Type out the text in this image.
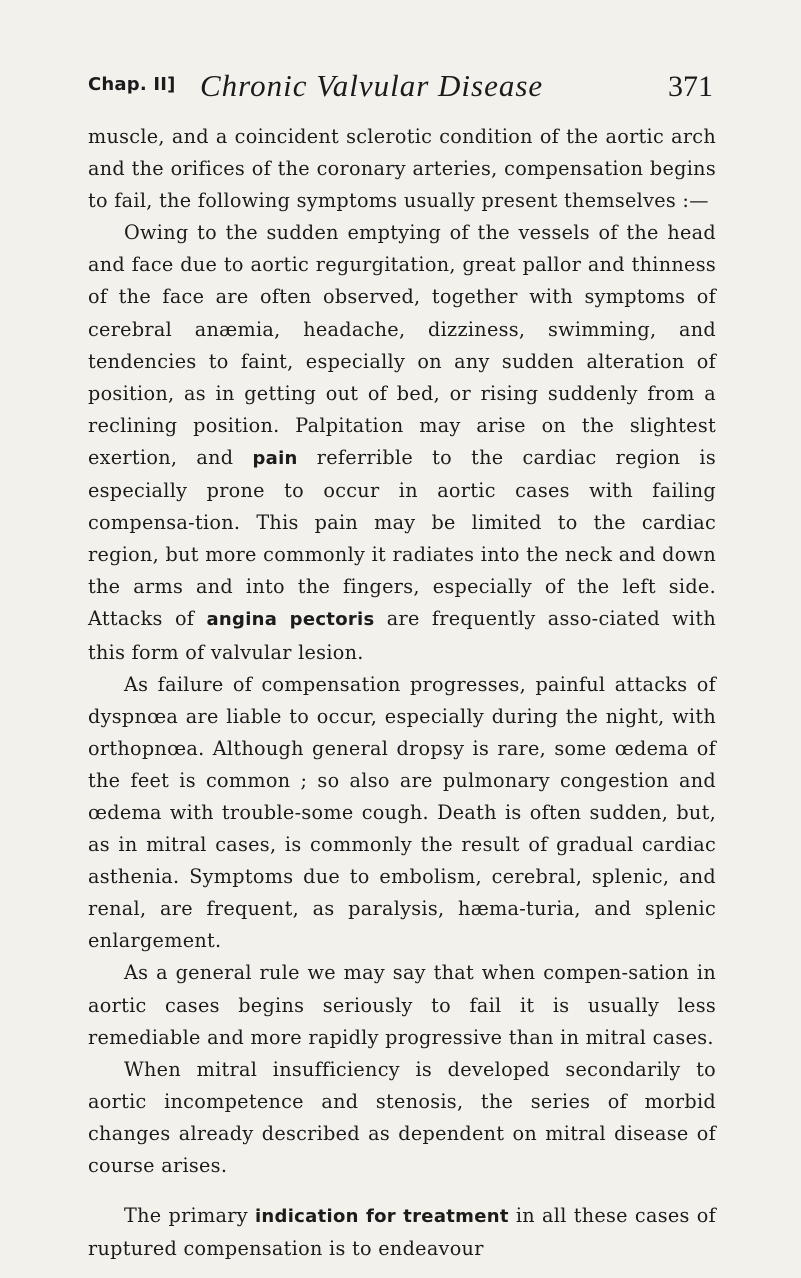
Chap. II] Chronic Valvular Disease	371

muscle, and a coincident sclerotic condition of the aortic arch and the orifices of the coronary arteries, compensation begins to fail, the following symptoms usually present themselves :—

Owing to the sudden emptying of the vessels of the head and face due to aortic regurgitation, great pallor and thinness of the face are often observed, together with symptoms of cerebral anæmia, headache, dizziness, swimming, and tendencies to faint, especially on any sudden alteration of position, as in getting out of bed, or rising suddenly from a reclining position. Palpitation may arise on the slightest exertion, and pain referrible to the cardiac region is especially prone to occur in aortic cases with failing compensa-tion. This pain may be limited to the cardiac region, but more commonly it radiates into the neck and down the arms and into the fingers, especially of the left side. Attacks of angina pectoris are frequently asso-ciated with this form of valvular lesion.

As failure of compensation progresses, painful attacks of dyspnœa are liable to occur, especially during the night, with orthopnœa. Although general dropsy is rare, some œdema of the feet is common ; so also are pulmonary congestion and œdema with trouble-some cough. Death is often sudden, but, as in mitral cases, is commonly the result of gradual cardiac asthenia. Symptoms due to embolism, cerebral, splenic, and renal, are frequent, as paralysis, hæma-turia, and splenic enlargement.

As a general rule we may say that when compen-sation in aortic cases begins seriously to fail it is usually less remediable and more rapidly progressive than in mitral cases.

When mitral insufficiency is developed secondarily to aortic incompetence and stenosis, the series of morbid changes already described as dependent on mitral disease of course arises.

The primary indication for treatment in all these cases of ruptured compensation is to endeavour
